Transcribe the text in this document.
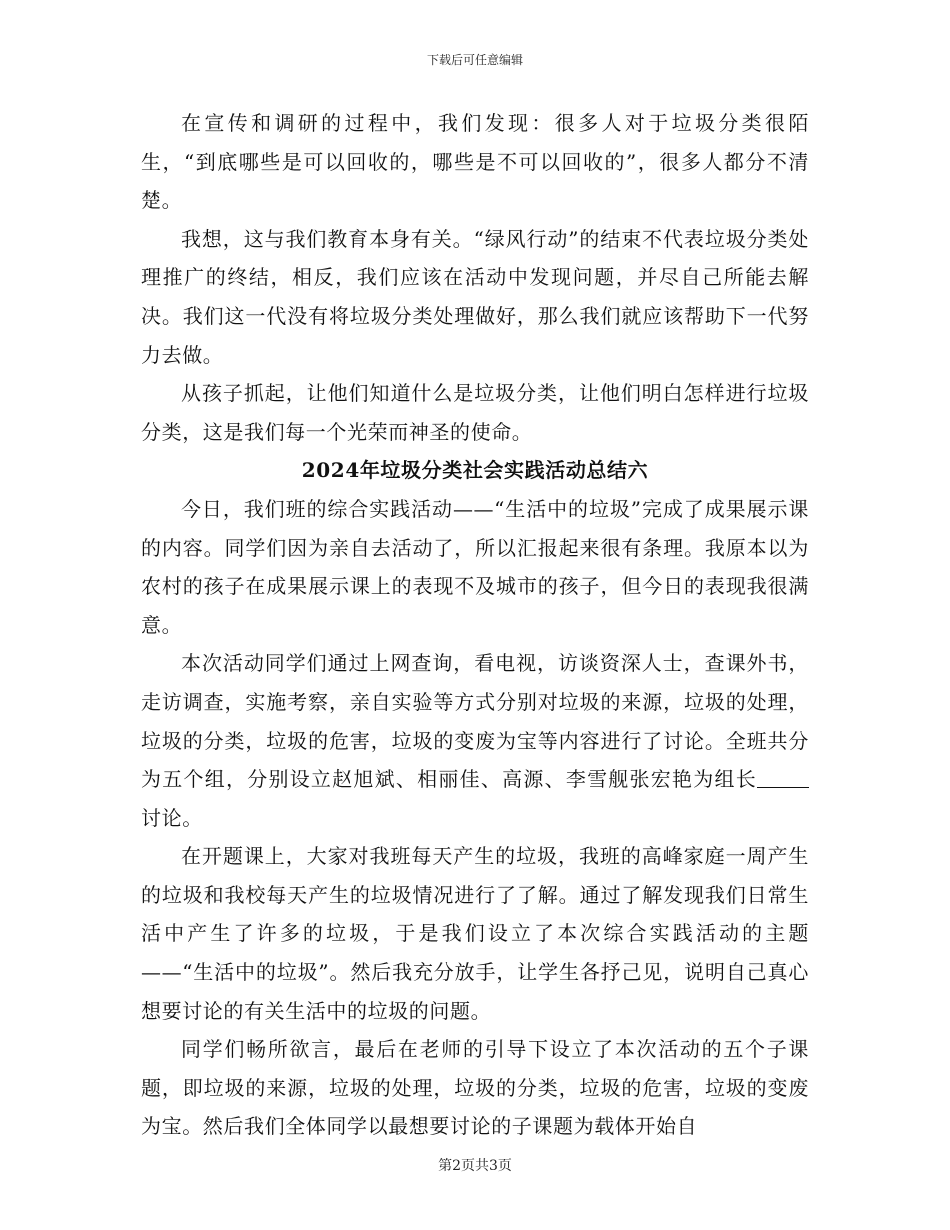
下载后可任意编辑

在宣传和调研的过程中，我们发现：很多人对于垃圾分类很陌生，“到底哪些是可以回收的，哪些是不可以回收的”，很多人都分不清楚。

我想，这与我们教育本身有关。“绿风行动”的结束不代表垃圾分类处理推广的终结，相反，我们应该在活动中发现问题，并尽自己所能去解决。我们这一代没有将垃圾分类处理做好，那么我们就应该帮助下一代努力去做。

从孩子抓起，让他们知道什么是垃圾分类，让他们明白怎样进行垃圾分类，这是我们每一个光荣而神圣的使命。

2024年垃圾分类社会实践活动总结六

今日，我们班的综合实践活动——“生活中的垃圾”完成了成果展示课的内容。同学们因为亲自去活动了，所以汇报起来很有条理。我原本以为农村的孩子在成果展示课上的表现不及城市的孩子，但今日的表现我很满意。

本次活动同学们通过上网查询，看电视，访谈资深人士，查课外书，走访调查，实施考察，亲自实验等方式分别对垃圾的来源，垃圾的处理，垃圾的分类，垃圾的危害，垃圾的变废为宝等内容进行了讨论。全班共分为五个组，分别设立赵旭斌、相丽佳、高源、李雪舰张宏艳为组长讨论。

在开题课上，大家对我班每天产生的垃圾，我班的高峰家庭一周产生的垃圾和我校每天产生的垃圾情况进行了了解。通过了解发现我们日常生活中产生了许多的垃圾，于是我们设立了本次综合实践活动的主题——“生活中的垃圾”。然后我充分放手，让学生各抒己见，说明自己真心想要讨论的有关生活中的垃圾的问题。

同学们畅所欲言，最后在老师的引导下设立了本次活动的五个子课题，即垃圾的来源，垃圾的处理，垃圾的分类，垃圾的危害，垃圾的变废为宝。然后我们全体同学以最想要讨论的子课题为载体开始自

第2页共3页
